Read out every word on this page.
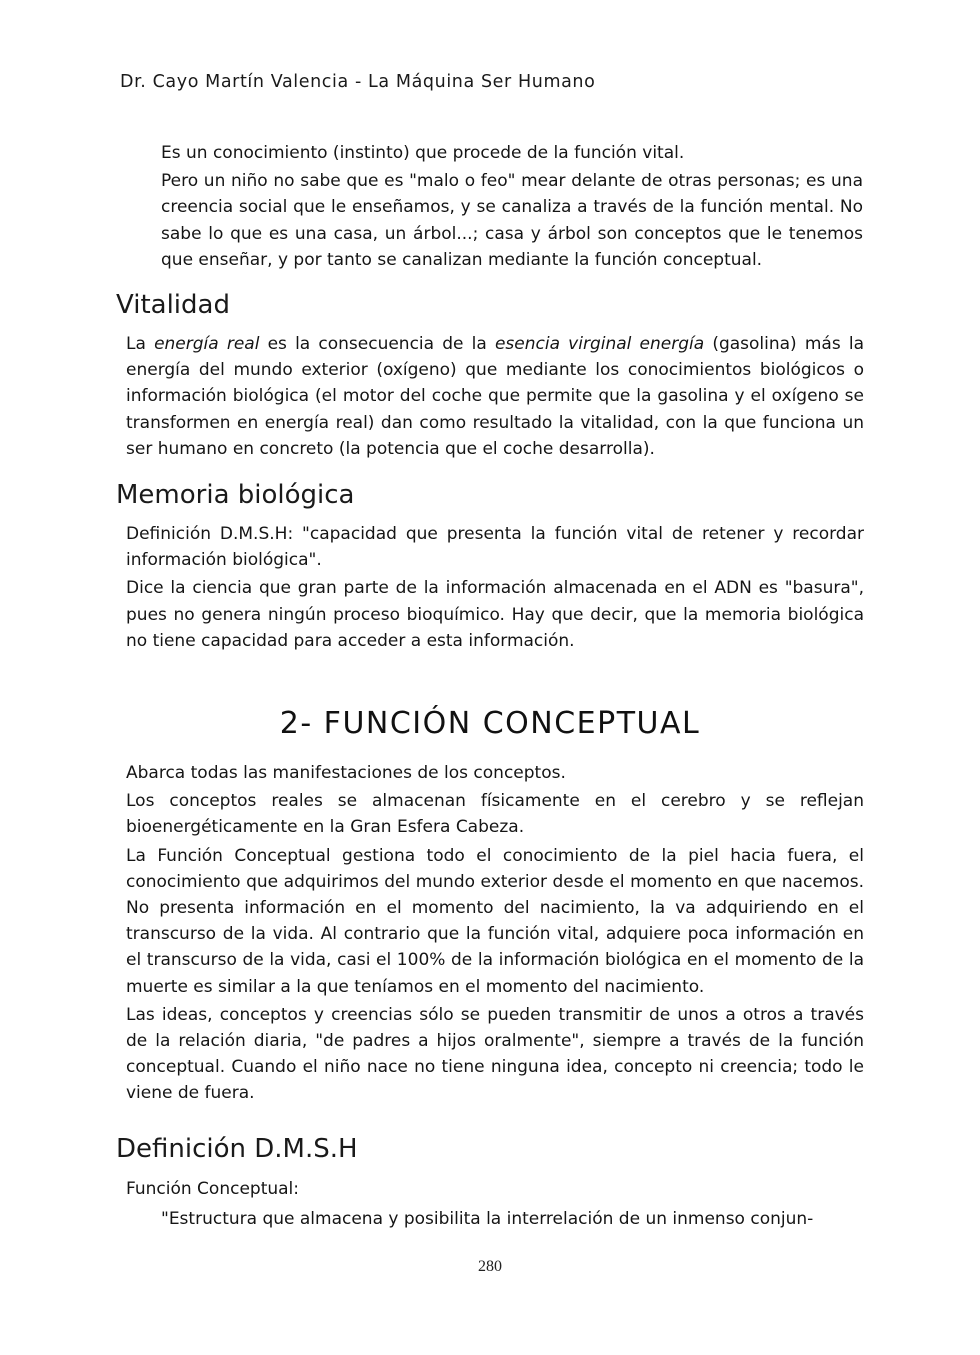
Dr. Cayo Martín Valencia - La Máquina Ser Humano

Es un conocimiento (instinto) que procede de la función vital.

Pero un niño no sabe que es "malo o feo" mear delante de otras personas; es una creencia social que le enseñamos, y se canaliza a través de la función mental. No sabe lo que es una casa, un árbol...; casa y árbol son conceptos que le tenemos que enseñar, y por tanto se canalizan mediante la función conceptual.

Vitalidad

La energía real es la consecuencia de la esencia virginal energía (gasolina) más la energía del mundo exterior (oxígeno) que mediante los conocimientos biológicos o información biológica (el motor del coche que permite que la gasolina y el oxígeno se transformen en energía real) dan como resultado la vitalidad, con la que funciona un ser humano en concreto (la potencia que el coche desarrolla).

Memoria biológica

Definición D.M.S.H: "capacidad que presenta la función vital de retener y recordar información biológica".

Dice la ciencia que gran parte de la información almacenada en el ADN es "basura", pues no genera ningún proceso bioquímico. Hay que decir, que la memoria biológica no tiene capacidad para acceder a esta información.

2- FUNCIÓN CONCEPTUAL

Abarca todas las manifestaciones de los conceptos.

Los conceptos reales se almacenan físicamente en el cerebro y se reflejan bioenergéticamente en la Gran Esfera Cabeza.

La Función Conceptual gestiona todo el conocimiento de la piel hacia fuera, el conocimiento que adquirimos del mundo exterior desde el momento en que nacemos. No presenta información en el momento del nacimiento, la va adquiriendo en el transcurso de la vida. Al contrario que la función vital, adquiere poca información en el transcurso de la vida, casi el 100% de la información biológica en el momento de la muerte es similar a la que teníamos en el momento del nacimiento.

Las ideas, conceptos y creencias sólo se pueden transmitir de unos a otros a través de la relación diaria, "de padres a hijos oralmente", siempre a través de la función conceptual. Cuando el niño nace no tiene ninguna idea, concepto ni creencia; todo le viene de fuera.

Definición D.M.S.H
Función Conceptual:
"Estructura que almacena y posibilita la interrelación de un inmenso conjun-
280
